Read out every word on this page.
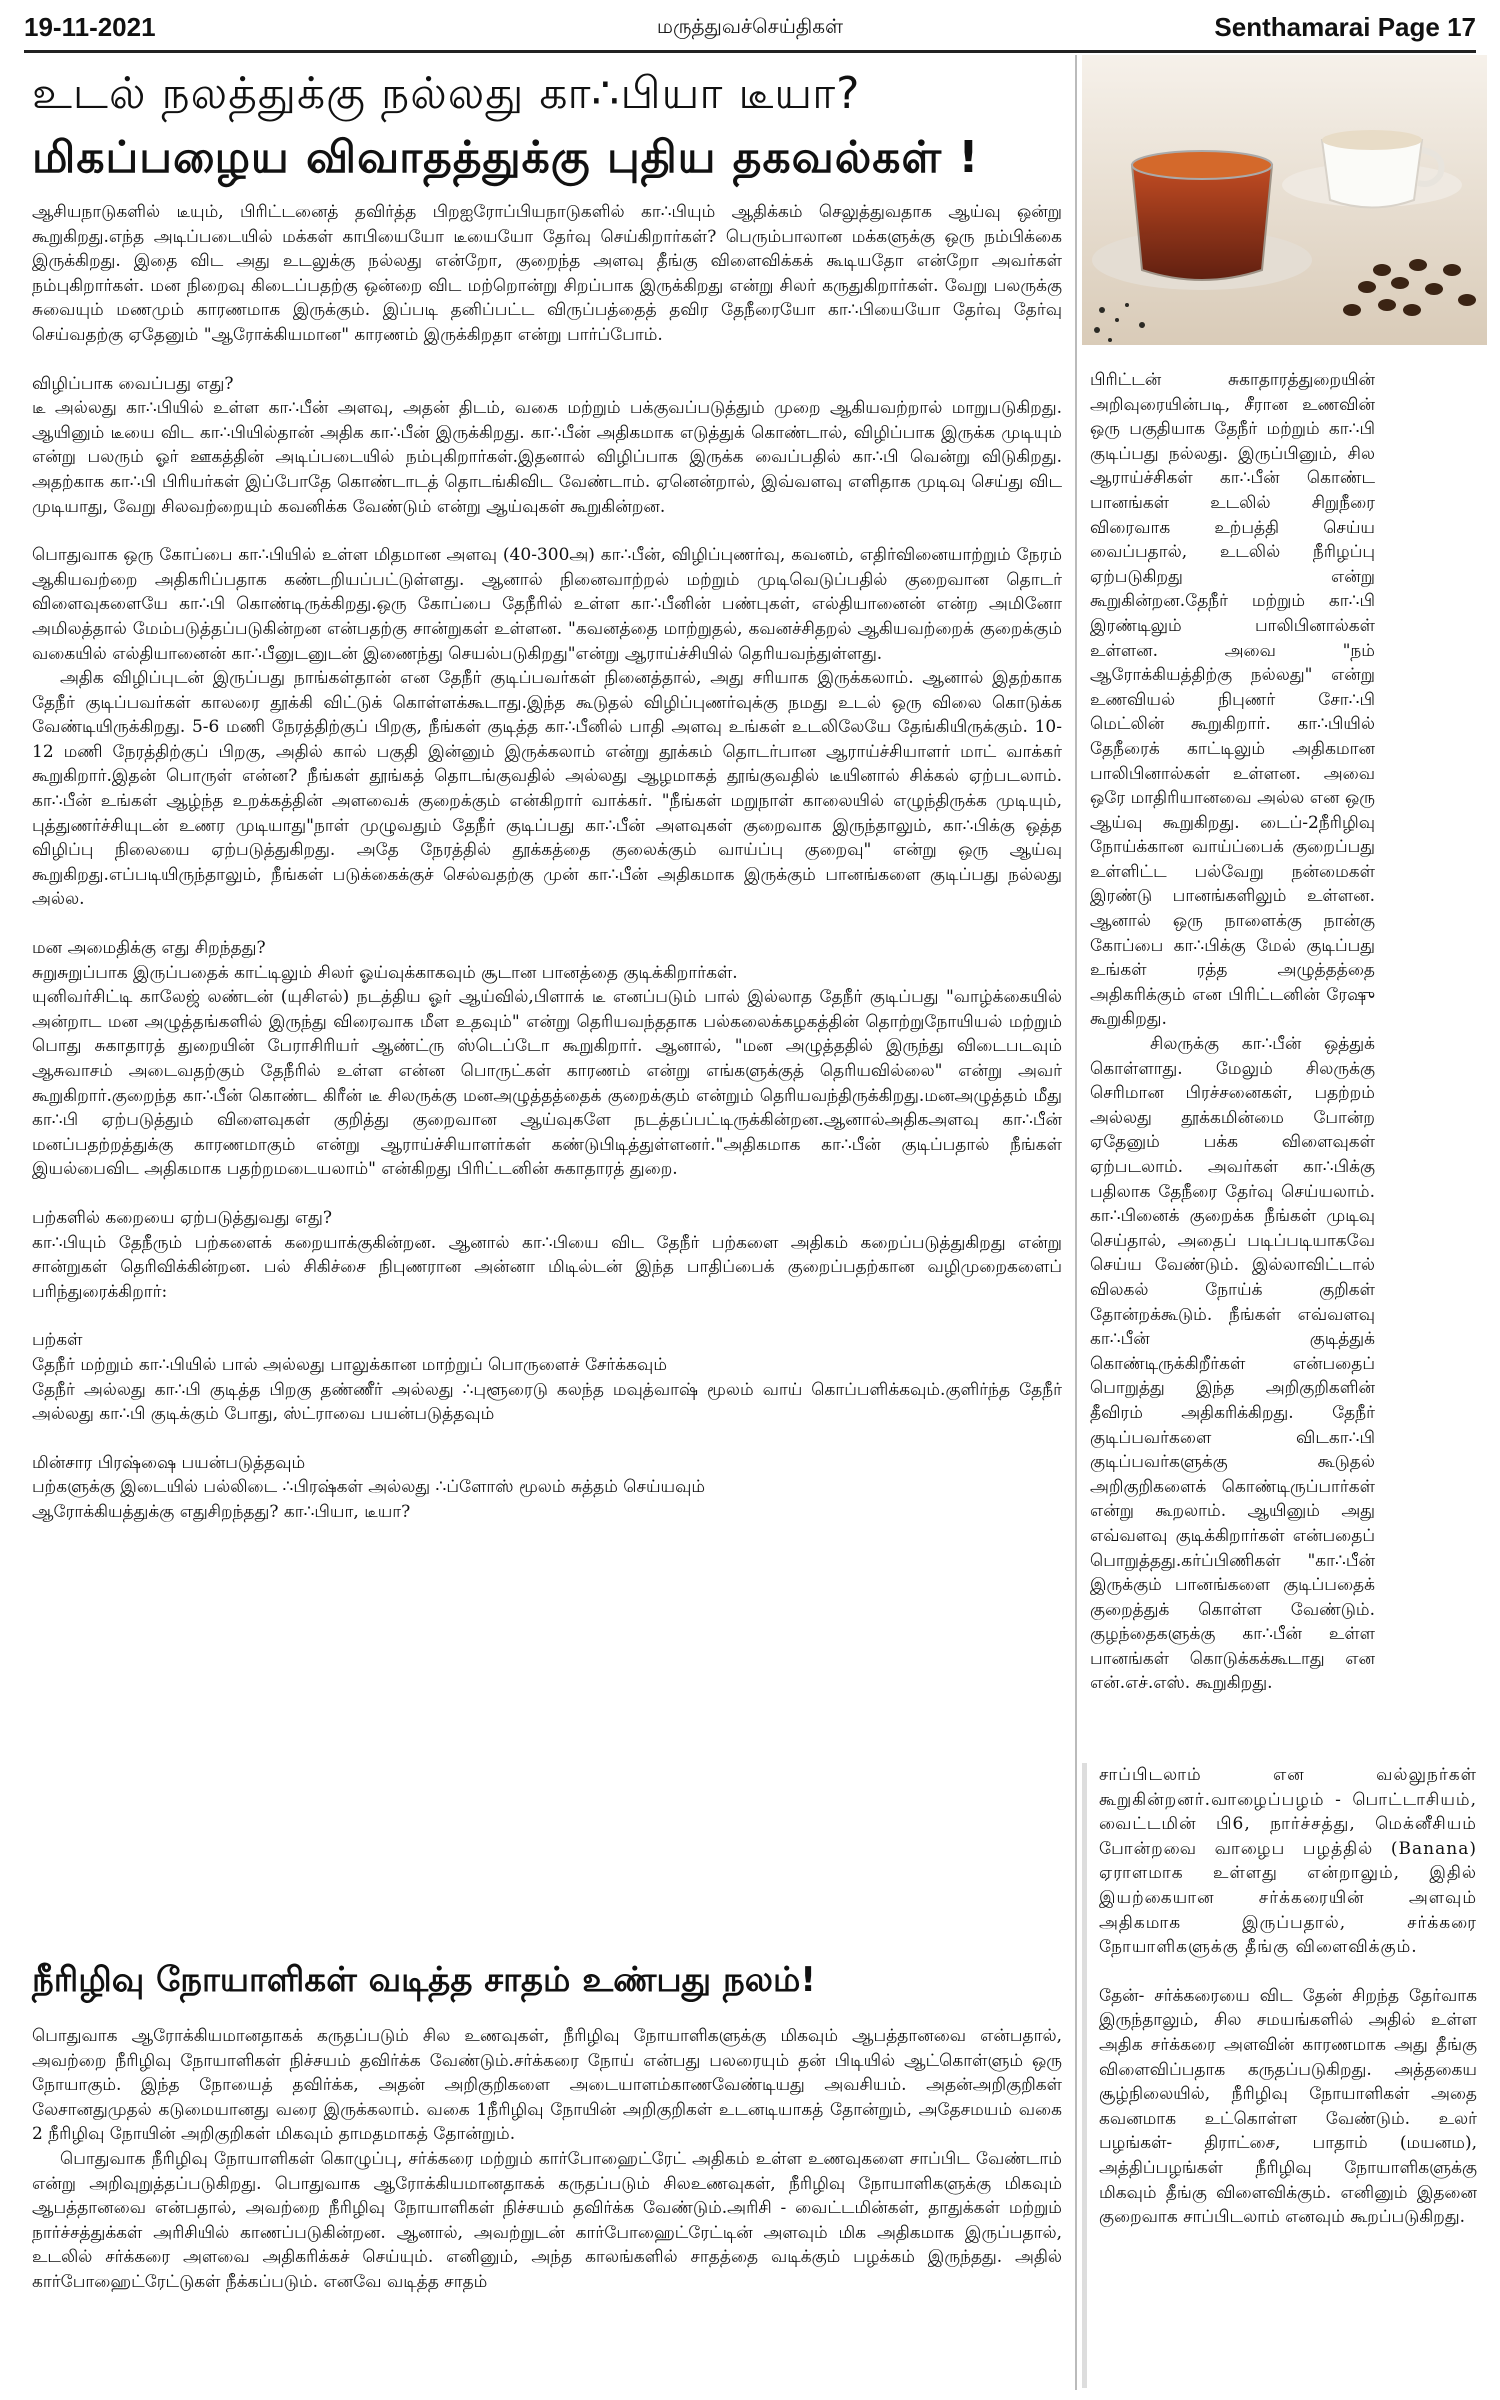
19-11-2021	மருத்துவச்செய்திகள்	Senthamarai Page 17
உடல் நலத்துக்கு நல்லது கா∴பியா டீயா?
மிகப்பழைய விவாதத்துக்கு புதிய தகவல்கள் !

ஆசியநாடுகளில் டீயும், பிரிட்டனைத் தவிர்த்த பிறஐரோப்பியநாடுகளில் கா∴பியும் ஆதிக்கம் செலுத்துவதாக ஆய்வு ஒன்று கூறுகிறது.எந்த அடிப்படையில் மக்கள் காபியையோ டீயையோ தேர்வு செய்கிறார்கள்? பெரும்பாலான மக்களுக்கு ஒரு நம்பிக்கை இருக்கிறது. இதை விட அது உடலுக்கு நல்லது என்றோ, குறைந்த அளவு தீங்கு விளைவிக்கக் கூடியதோ என்றோ அவர்கள் நம்புகிறார்கள். மன நிறைவு கிடைப்பதற்கு ஒன்றை விட மற்றொன்று சிறப்பாக இருக்கிறது என்று சிலர் கருதுகிறார்கள். வேறு பலருக்கு சுவையும் மணமும் காரணமாக இருக்கும். இப்படி தனிப்பட்ட விருப்பத்தைத் தவிர தேநீரையோ கா∴பியையோ தேர்வு தேர்வு செய்வதற்கு ஏதேனும் "ஆரோக்கியமான" காரணம் இருக்கிறதா என்று பார்ப்போம்.

விழிப்பாக வைப்பது எது?

டீ அல்லது கா∴பியில் உள்ள கா∴பீன் அளவு, அதன் திடம், வகை மற்றும் பக்குவப்படுத்தும் முறை ஆகியவற்றால் மாறுபடுகிறது. ஆயினும் டீயை விட கா∴பியில்தான் அதிக கா∴பீன் இருக்கிறது. கா∴பீன் அதிகமாக எடுத்துக் கொண்டால், விழிப்பாக இருக்க முடியும் என்று பலரும் ஓர் ஊகத்தின் அடிப்படையில் நம்புகிறார்கள்.இதனால் விழிப்பாக இருக்க வைப்பதில் கா∴பி வென்று விடுகிறது. அதற்காக கா∴பி பிரியர்கள் இப்போதே கொண்டாடத் தொடங்கிவிட வேண்டாம். ஏனென்றால், இவ்வளவு எளிதாக முடிவு செய்து விட முடியாது, வேறு சிலவற்றையும் கவனிக்க வேண்டும் என்று ஆய்வுகள் கூறுகின்றன.

பொதுவாக ஒரு கோப்பை கா∴பியில் உள்ள மிதமான அளவு (40-300அ) கா∴பீன், விழிப்புணர்வு, கவனம், எதிர்வினையாற்றும் நேரம் ஆகியவற்றை அதிகரிப்பதாக கண்டறியப்பட்டுள்ளது. ஆனால் நினைவாற்றல் மற்றும் முடிவெடுப்பதில் குறைவான தொடர் விளைவுகளையே கா∴பி கொண்டிருக்கிறது.ஒரு கோப்பை தேநீரில் உள்ள கா∴பீனின் பண்புகள், எல்தியானைன் என்ற அமினோ அமிலத்தால் மேம்படுத்தப்படுகின்றன என்பதற்கு சான்றுகள் உள்ளன. "கவனத்தை மாற்றுதல், கவனச்சிதறல் ஆகியவற்றைக் குறைக்கும் வகையில் எல்தியானைன் கா∴பீனுடனுடன் இணைந்து செயல்படுகிறது"என்று ஆராய்ச்சியில் தெரியவந்துள்ளது.

அதிக விழிப்புடன் இருப்பது நாங்கள்தான் என தேநீர் குடிப்பவர்கள் நினைத்தால், அது சரியாக இருக்கலாம். ஆனால் இதற்காக தேநீர் குடிப்பவர்கள் காலரை தூக்கி விட்டுக் கொள்ளக்கூடாது.இந்த கூடுதல் விழிப்புணர்வுக்கு நமது உடல் ஒரு விலை கொடுக்க வேண்டியிருக்கிறது. 5-6 மணி நேரத்திற்குப் பிறகு, நீங்கள் குடித்த கா∴பீனில் பாதி அளவு உங்கள் உடலிலேயே தேங்கியிருக்கும். 10-12 மணி நேரத்திற்குப் பிறகு, அதில் கால் பகுதி இன்னும் இருக்கலாம் என்று தூக்கம் தொடர்பான ஆராய்ச்சியாளர் மாட் வாக்கர் கூறுகிறார்.இதன் பொருள் என்ன? நீங்கள் தூங்கத் தொடங்குவதில் அல்லது ஆழமாகத் தூங்குவதில் டீயினால் சிக்கல் ஏற்படலாம். கா∴பீன் உங்கள் ஆழ்ந்த உறக்கத்தின் அளவைக் குறைக்கும் என்கிறார் வாக்கர். "நீங்கள் மறுநாள் காலையில் எழுந்திருக்க முடியும், புத்துணர்ச்சியுடன் உணர முடியாது"நாள் முழுவதும் தேநீர் குடிப்பது கா∴பீன் அளவுகள் குறைவாக இருந்தாலும், கா∴பிக்கு ஒத்த விழிப்பு நிலையை ஏற்படுத்துகிறது. அதே நேரத்தில் தூக்கத்தை குலைக்கும் வாய்ப்பு குறைவு" என்று ஒரு ஆய்வு கூறுகிறது.எப்படியிருந்தாலும், நீங்கள் படுக்கைக்குச் செல்வதற்கு முன் கா∴பீன் அதிகமாக இருக்கும் பானங்களை குடிப்பது நல்லது அல்ல.

மன அமைதிக்கு எது சிறந்தது?

சுறுசுறுப்பாக இருப்பதைக் காட்டிலும் சிலர் ஓய்வுக்காகவும் சூடான பானத்தை குடிக்கிறார்கள்.

யுனிவர்சிட்டி காலேஜ் லண்டன் (யுசிஎல்) நடத்திய ஓர் ஆய்வில்,பிளாக் டீ எனப்படும் பால் இல்லாத தேநீர் குடிப்பது "வாழ்க்கையில் அன்றாட மன அழுத்தங்களில் இருந்து விரைவாக மீள உதவும்" என்று தெரியவந்ததாக பல்கலைக்கழகத்தின் தொற்றுநோயியல் மற்றும் பொது சுகாதாரத் துறையின் பேராசிரியர் ஆண்ட்ரு ஸ்டெப்டோ கூறுகிறார். ஆனால், "மன அழுத்ததில் இருந்து விடைபடவும் ஆசுவாசம் அடைவதற்கும் தேநீரில் உள்ள என்ன பொருட்கள் காரணம் என்று எங்களுக்குத் தெரியவில்லை" என்று அவர் கூறுகிறார்.குறைந்த கா∴பீன் கொண்ட கிரீன் டீ சிலருக்கு மனஅழுத்தத்தைக் குறைக்கும் என்றும் தெரியவந்திருக்கிறது.மனஅழுத்தம் மீது கா∴பி ஏற்படுத்தும் விளைவுகள் குறித்து குறைவான ஆய்வுகளே நடத்தப்பட்டிருக்கின்றன.ஆனால்அதிகஅளவு கா∴பீன் மனப்பதற்றத்துக்கு காரணமாகும் என்று ஆராய்ச்சியாளர்கள் கண்டுபிடித்துள்ளனர்."அதிகமாக கா∴பீன் குடிப்பதால் நீங்கள் இயல்பைவிட அதிகமாக பதற்றமடையலாம்" என்கிறது பிரிட்டனின் சுகாதாரத் துறை.

பற்களில் கறையை ஏற்படுத்துவது எது?

கா∴பியும் தேநீரும் பற்களைக் கறையாக்குகின்றன. ஆனால் கா∴பியை விட தேநீர் பற்களை அதிகம் கறைப்படுத்துகிறது என்று சான்றுகள் தெரிவிக்கின்றன. பல் சிகிச்சை நிபுணரான அன்னா மிடில்டன் இந்த பாதிப்பைக் குறைப்பதற்கான வழிமுறைகளைப் பரிந்துரைக்கிறார்:

பற்கள்

தேநீர் மற்றும் கா∴பியில் பால் அல்லது பாலுக்கான மாற்றுப் பொருளைச் சேர்க்கவும்

தேநீர் அல்லது கா∴பி குடித்த பிறகு தண்ணீர் அல்லது ∴புளூரைடு கலந்த மவுத்வாஷ் மூலம் வாய் கொப்பளிக்கவும்.குளிர்ந்த தேநீர் அல்லது கா∴பி குடிக்கும் போது, ஸ்ட்ராவை பயன்படுத்தவும்

மின்சார பிரஷ்ஷை பயன்படுத்தவும்

பற்களுக்கு இடையில் பல்லிடை ∴பிரஷ்கள் அல்லது ∴ப்ளோஸ் மூலம் சுத்தம் செய்யவும்

ஆரோக்கியத்துக்கு எதுசிறந்தது? கா∴பியா, டீயா?

நீரிழிவு நோயாளிகள் வடித்த சாதம் உண்பது நலம்!

பொதுவாக ஆரோக்கியமானதாகக் கருதப்படும் சில உணவுகள், நீரிழிவு நோயாளிகளுக்கு மிகவும் ஆபத்தானவை என்பதால், அவற்றை நீரிழிவு நோயாளிகள் நிச்சயம் தவிர்க்க வேண்டும்.சர்க்கரை நோய் என்பது பலரையும் தன் பிடியில் ஆட்கொள்ளும் ஒரு நோயாகும். இந்த நோயைத் தவிர்க்க, அதன் அறிகுறிகளை அடையாளம்காணவேண்டியது அவசியம். அதன்அறிகுறிகள் லேசானதுமுதல் கடுமையானது வரை இருக்கலாம். வகை 1நீரிழிவு நோயின் அறிகுறிகள் உடனடியாகத் தோன்றும், அதேசமயம் வகை 2 நீரிழிவு நோயின் அறிகுறிகள் மிகவும் தாமதமாகத் தோன்றும்.

பொதுவாக நீரிழிவு நோயாளிகள் கொழுப்பு, சர்க்கரை மற்றும் கார்போஹைட்ரேட் அதிகம் உள்ள உணவுகளை சாப்பிட வேண்டாம் என்று அறிவுறுத்தப்படுகிறது. பொதுவாக ஆரோக்கியமானதாகக் கருதப்படும் சிலஉணவுகள், நீரிழிவு நோயாளிகளுக்கு மிகவும் ஆபத்தானவை என்பதால், அவற்றை நீரிழிவு நோயாளிகள் நிச்சயம் தவிர்க்க வேண்டும்.அரிசி - வைட்டமின்கள், தாதுக்கள் மற்றும் நார்ச்சத்துக்கள் அரிசியில் காணப்படுகின்றன. ஆனால், அவற்றுடன் கார்போஹைட்ரேட்டின் அளவும் மிக அதிகமாக இருப்பதால், உடலில் சர்க்கரை அளவை அதிகரிக்கச் செய்யும். எனினும், அந்த காலங்களில் சாதத்தை வடிக்கும் பழக்கம் இருந்தது. அதில் கார்போஹைட்ரேட்டுகள் நீக்கப்படும். எனவே வடித்த சாதம்

பிரிட்டன் சுகாதாரத்துறையின் அறிவுரையின்படி, சீரான உணவின் ஒரு பகுதியாக தேநீர் மற்றும் கா∴பி குடிப்பது நல்லது. இருப்பினும், சில ஆராய்ச்சிகள் கா∴பீன் கொண்ட பானங்கள் உடலில் சிறுநீரை விரைவாக உற்பத்தி செய்ய வைப்பதால், உடலில் நீரிழப்பு ஏற்படுகிறது என்று கூறுகின்றன.தேநீர் மற்றும் கா∴பி இரண்டிலும் பாலிபினால்கள் உள்ளன. அவை "நம் ஆரோக்கியத்திற்கு நல்லது" என்று உணவியல் நிபுணர் சோ∴பி மெட்லின் கூறுகிறார். கா∴பியில் தேநீரைக் காட்டிலும் அதிகமான பாலிபினால்கள் உள்ளன. அவை ஒரே மாதிரியானவை அல்ல என ஒரு ஆய்வு கூறுகிறது. டைப்-2நீரிழிவு நோய்க்கான வாய்ப்பைக் குறைப்பது உள்ளிட்ட பல்வேறு நன்மைகள் இரண்டு பானங்களிலும் உள்ளன. ஆனால் ஒரு நாளைக்கு நான்கு கோப்பை கா∴பிக்கு மேல் குடிப்பது உங்கள் ரத்த அழுத்தத்தை அதிகரிக்கும் என பிரிட்டனின் ரேஷு கூறுகிறது.

சிலருக்கு கா∴பீன் ஒத்துக் கொள்ளாது. மேலும் சிலருக்கு செரிமான பிரச்சனைகள், பதற்றம் அல்லது தூக்கமின்மை போன்ற ஏதேனும் பக்க விளைவுகள் ஏற்படலாம். அவர்கள் கா∴பிக்கு பதிலாக தேநீரை தேர்வு செய்யலாம். கா∴பினைக் குறைக்க நீங்கள் முடிவு செய்தால், அதைப் படிப்படியாகவே செய்ய வேண்டும். இல்லாவிட்டால் விலகல் நோய்க் குறிகள் தோன்றக்கூடும். நீங்கள் எவ்வளவு கா∴பீன் குடித்துக் கொண்டிருக்கிறீர்கள் என்பதைப் பொறுத்து இந்த அறிகுறிகளின் தீவிரம் அதிகரிக்கிறது. தேநீர் குடிப்பவர்களை விடகா∴பி குடிப்பவர்களுக்கு கூடுதல் அறிகுறிகளைக் கொண்டிருப்பார்கள் என்று கூறலாம். ஆயினும் அது எவ்வளவு குடிக்கிறார்கள் என்பதைப் பொறுத்தது.கர்ப்பிணிகள் "கா∴பீன் இருக்கும் பானங்களை குடிப்பதைக் குறைத்துக் கொள்ள வேண்டும். குழந்தைகளுக்கு கா∴பீன் உள்ள பானங்கள் கொடுக்கக்கூடாது என என்.எச்.எஸ். கூறுகிறது.

சாப்பிடலாம் என வல்லுநர்கள் கூறுகின்றனர்.வாழைப்பழம் - பொட்டாசியம், வைட்டமின் பி6, நார்ச்சத்து, மெக்னீசியம் போன்றவை வாழைப பழத்தில் (Banana) ஏராளமாக உள்ளது என்றாலும், இதில் இயற்கையான சர்க்கரையின் அளவும் அதிகமாக இருப்பதால், சர்க்கரை நோயாளிகளுக்கு தீங்கு விளைவிக்கும்.

தேன்- சர்க்கரையை விட தேன் சிறந்த தேர்வாக இருந்தாலும், சில சமயங்களில் அதில் உள்ள அதிக சர்க்கரை அளவின் காரணமாக அது தீங்கு விளைவிப்பதாக கருதப்படுகிறது. அத்தகைய சூழ்நிலையில், நீரிழிவு நோயாளிகள் அதை கவனமாக உட்கொள்ள வேண்டும். உலர் பழங்கள்- திராட்சை, பாதாம் (மயனம), அத்திப்பழங்கள் நீரிழிவு நோயாளிகளுக்கு மிகவும் தீங்கு விளைவிக்கும். எனினும் இதனை குறைவாக சாப்பிடலாம் எனவும் கூறப்படுகிறது.
